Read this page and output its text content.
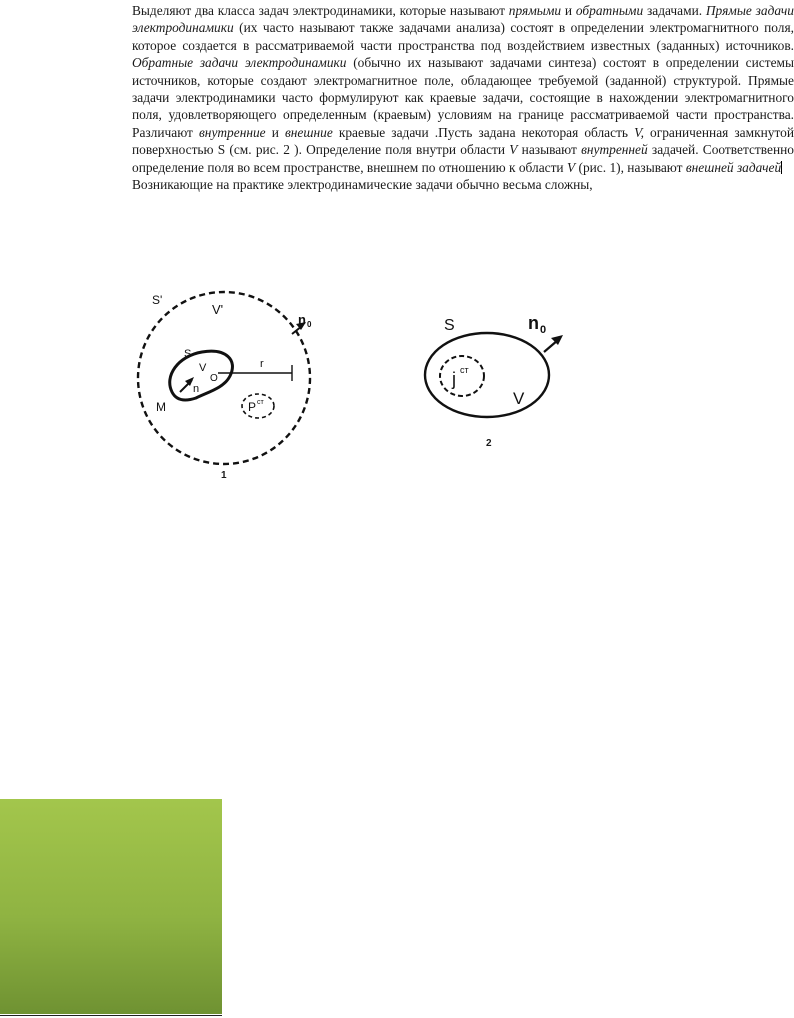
Выделяют два класса задач электродинамики, которые называют прямыми и обратными задачами. Прямые задачи электродинамики (их часто называют также задачами анализа) состоят в определении электромагнитного поля, которое создается в рассматриваемой части пространства под воздействием известных (заданных) источников. Обратные задачи электродинамики (обычно их называют задачами синтеза) состоят в определении системы источников, которые создают электромагнитное поле, обладающее требуемой (заданной) структурой. Прямые задачи электродинамики часто формулируют как краевые задачи, состоящие в нахождении электромагнитного поля, удовлетворяющего определенным (краевым) условиям на границе рассматриваемой части пространства. Различают внутренние и внешние краевые задачи .Пусть задана некоторая область V, ограниченная замкнутой поверхностью S (см. рис. 2 ). Определение поля внутри области V называют внутренней задачей. Соответственно определение поля во всем пространстве, внешнем по отношению к области V (рис. 1), называют внешней задачей

Возникающие на практике электродинамические задачи обычно весьма сложны,

S'
V'
n 0
S
V
O
n
r
M	P ст
1
S	n 0
j ст
V
2
